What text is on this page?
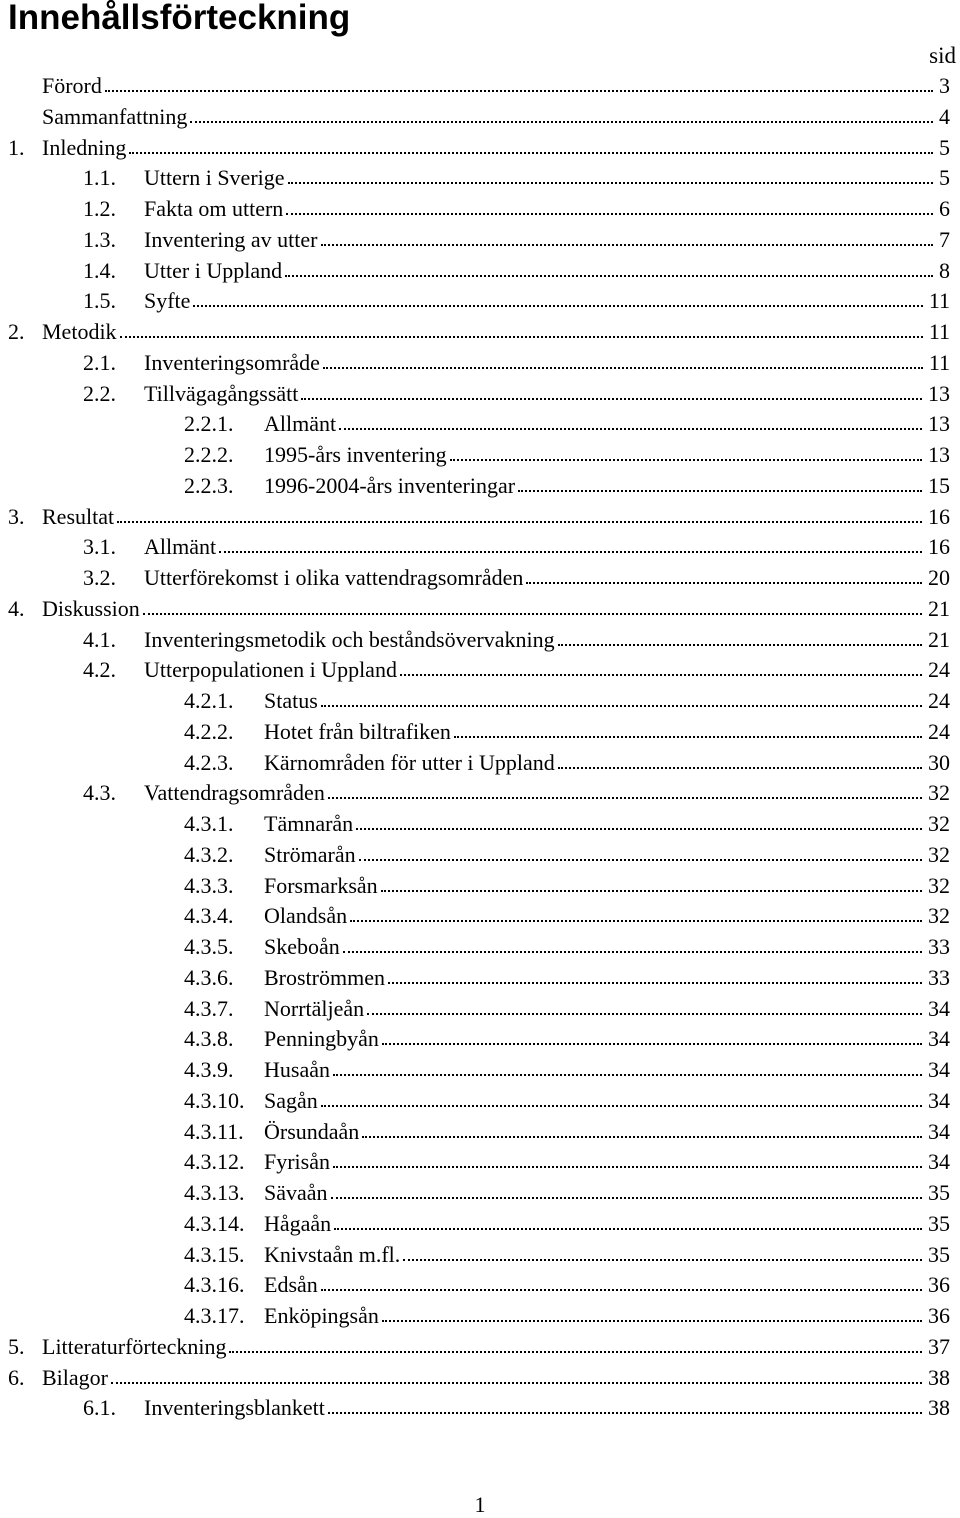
Innehållsförteckning
sid
Förord	3
Sammanfattning	4
1. Inledning	5
1.1.	Uttern i Sverige	5
1.2.	Fakta om uttern	6
1.3.	Inventering av utter	7
1.4.	Utter i Uppland	8
1.5.	Syfte	11
2. Metodik	11
2.1.	Inventeringsområde	11
2.2.	Tillvägagångssätt	13
2.2.1.	Allmänt	13
2.2.2.	1995-års inventering	13
2.2.3.	1996-2004-års inventeringar	15
3. Resultat	16
3.1.	Allmänt	16
3.2.	Utterförekomst i olika vattendragsområden	20
4. Diskussion	21
4.1.	Inventeringsmetodik och beståndsövervakning	21
4.2.	Utterpopulationen i Uppland	24
4.2.1.	Status	24
4.2.2.	Hotet från biltrafiken	24
4.2.3.	Kärnområden för utter i Uppland	30
4.3.	Vattendragsområden	32
4.3.1.	Tämnarån	32
4.3.2.	Strömarån	32
4.3.3.	Forsmarksån	32
4.3.4.	Olandsån	32
4.3.5.	Skeboån	33
4.3.6.	Broströmmen	33
4.3.7.	Norrtäljeån	34
4.3.8.	Penningbyån	34
4.3.9.	Husaån	34
4.3.10. Sagån	34
4.3.11. Örsundaån	34
4.3.12. Fyrisån	34
4.3.13. Sävaån	35
4.3.14. Hågaån	35
4.3.15. Knivstaån m.fl.	35
4.3.16. Edsån	36
4.3.17. Enköpingsån	36
5. Litteraturförteckning	37
6. Bilagor	38
6.1.	Inventeringsblankett	38
1
